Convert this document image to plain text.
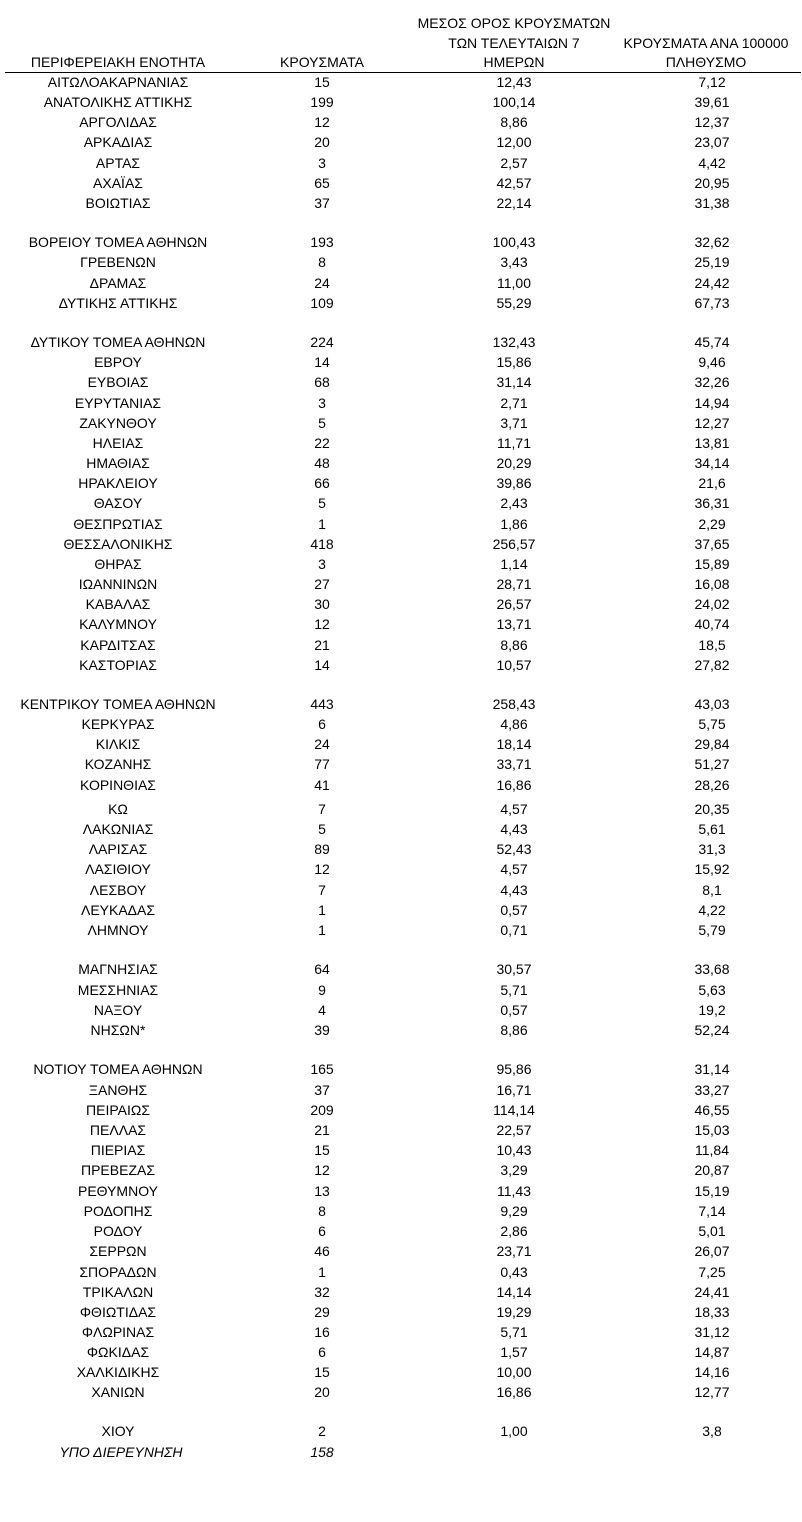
ΜΕΣΟΣ ΟΡΟΣ ΚΡΟΥΣΜΑΤΩΝ
ΤΩΝ ΤΕΛΕΥΤΑΙΩΝ 7
ΗΜΕΡΩΝ
ΚΡΟΥΣΜΑΤΑ ΑΝΑ 100000
ΠΛΗΘΥΣΜΟ
ΠΕΡΙΦΕΡΕΙΑΚΗ ΕΝΟΤΗΤΑ	ΚΡΟΥΣΜΑΤΑ
ΑΙΤΩΛΟΑΚΑΡΝΑΝΙΑΣ	15	12,43	7,12
ΑΝΑΤΟΛΙΚΗΣ ΑΤΤΙΚΗΣ	199	100,14	39,61
ΑΡΓΟΛΙΔΑΣ	12	8,86	12,37
ΑΡΚΑΔΙΑΣ	20	12,00	23,07
ΑΡΤΑΣ	3	2,57	4,42
ΑΧΑΪΑΣ	65	42,57	20,95
ΒΟΙΩΤΙΑΣ	37	22,14	31,38
ΒΟΡΕΙΟΥ ΤΟΜΕΑ ΑΘΗΝΩΝ	193	100,43	32,62
ΓΡΕΒΕΝΩΝ	8	3,43	25,19
ΔΡΑΜΑΣ	24	11,00	24,42
ΔΥΤΙΚΗΣ ΑΤΤΙΚΗΣ	109	55,29	67,73
ΔΥΤΙΚΟΥ ΤΟΜΕΑ ΑΘΗΝΩΝ	224	132,43	45,74
ΕΒΡΟΥ	14	15,86	9,46
ΕΥΒΟΙΑΣ	68	31,14	32,26
ΕΥΡΥΤΑΝΙΑΣ	3	2,71	14,94
ΖΑΚΥΝΘΟΥ	5	3,71	12,27
ΗΛΕΙΑΣ	22	11,71	13,81
ΗΜΑΘΙΑΣ	48	20,29	34,14
ΗΡΑΚΛΕΙΟΥ	66	39,86	21,6
ΘΑΣΟΥ	5	2,43	36,31
ΘΕΣΠΡΩΤΙΑΣ	1	1,86	2,29
ΘΕΣΣΑΛΟΝΙΚΗΣ	418	256,57	37,65
ΘΗΡΑΣ	3	1,14	15,89
ΙΩΑΝΝΙΝΩΝ	27	28,71	16,08
ΚΑΒΑΛΑΣ	30	26,57	24,02
ΚΑΛΥΜΝΟΥ	12	13,71	40,74
ΚΑΡΔΙΤΣΑΣ	21	8,86	18,5
ΚΑΣΤΟΡΙΑΣ	14	10,57	27,82
ΚΕΝΤΡΙΚΟΥ ΤΟΜΕΑ ΑΘΗΝΩΝ	443	258,43	43,03
ΚΕΡΚΥΡΑΣ	6	4,86	5,75
ΚΙΛΚΙΣ	24	18,14	29,84
ΚΟΖΑΝΗΣ	77	33,71	51,27
ΚΟΡΙΝΘΙΑΣ	41	16,86	28,26
ΚΩ	7	4,57	20,35
ΛΑΚΩΝΙΑΣ	5	4,43	5,61
ΛΑΡΙΣΑΣ	89	52,43	31,3
ΛΑΣΙΘΙΟΥ	12	4,57	15,92
ΛΕΣΒΟΥ	7	4,43	8,1
ΛΕΥΚΑΔΑΣ	1	0,57	4,22
ΛΗΜΝΟΥ	1	0,71	5,79
ΜΑΓΝΗΣΙΑΣ	64	30,57	33,68
ΜΕΣΣΗΝΙΑΣ	9	5,71	5,63
ΝΑΞΟΥ	4	0,57	19,2
ΝΗΣΩΝ*	39	8,86	52,24
ΝΟΤΙΟΥ ΤΟΜΕΑ ΑΘΗΝΩΝ	165	95,86	31,14
ΞΑΝΘΗΣ	37	16,71	33,27
ΠΕΙΡΑΙΩΣ	209	114,14	46,55
ΠΕΛΛΑΣ	21	22,57	15,03
ΠΙΕΡΙΑΣ	15	10,43	11,84
ΠΡΕΒΕΖΑΣ	12	3,29	20,87
ΡΕΘΥΜΝΟΥ	13	11,43	15,19
ΡΟΔΟΠΗΣ	8	9,29	7,14
ΡΟΔΟΥ	6	2,86	5,01
ΣΕΡΡΩΝ	46	23,71	26,07
ΣΠΟΡΑΔΩΝ	1	0,43	7,25
ΤΡΙΚΑΛΩΝ	32	14,14	24,41
ΦΘΙΩΤΙΔΑΣ	29	19,29	18,33
ΦΛΩΡΙΝΑΣ	16	5,71	31,12
ΦΩΚΙΔΑΣ	6	1,57	14,87
ΧΑΛΚΙΔΙΚΗΣ	15	10,00	14,16
ΧΑΝΙΩΝ	20	16,86	12,77
ΧΙΟΥ	2	1,00	3,8
ΥΠΟ ΔΙΕΡΕΥΝΗΣΗ	158
